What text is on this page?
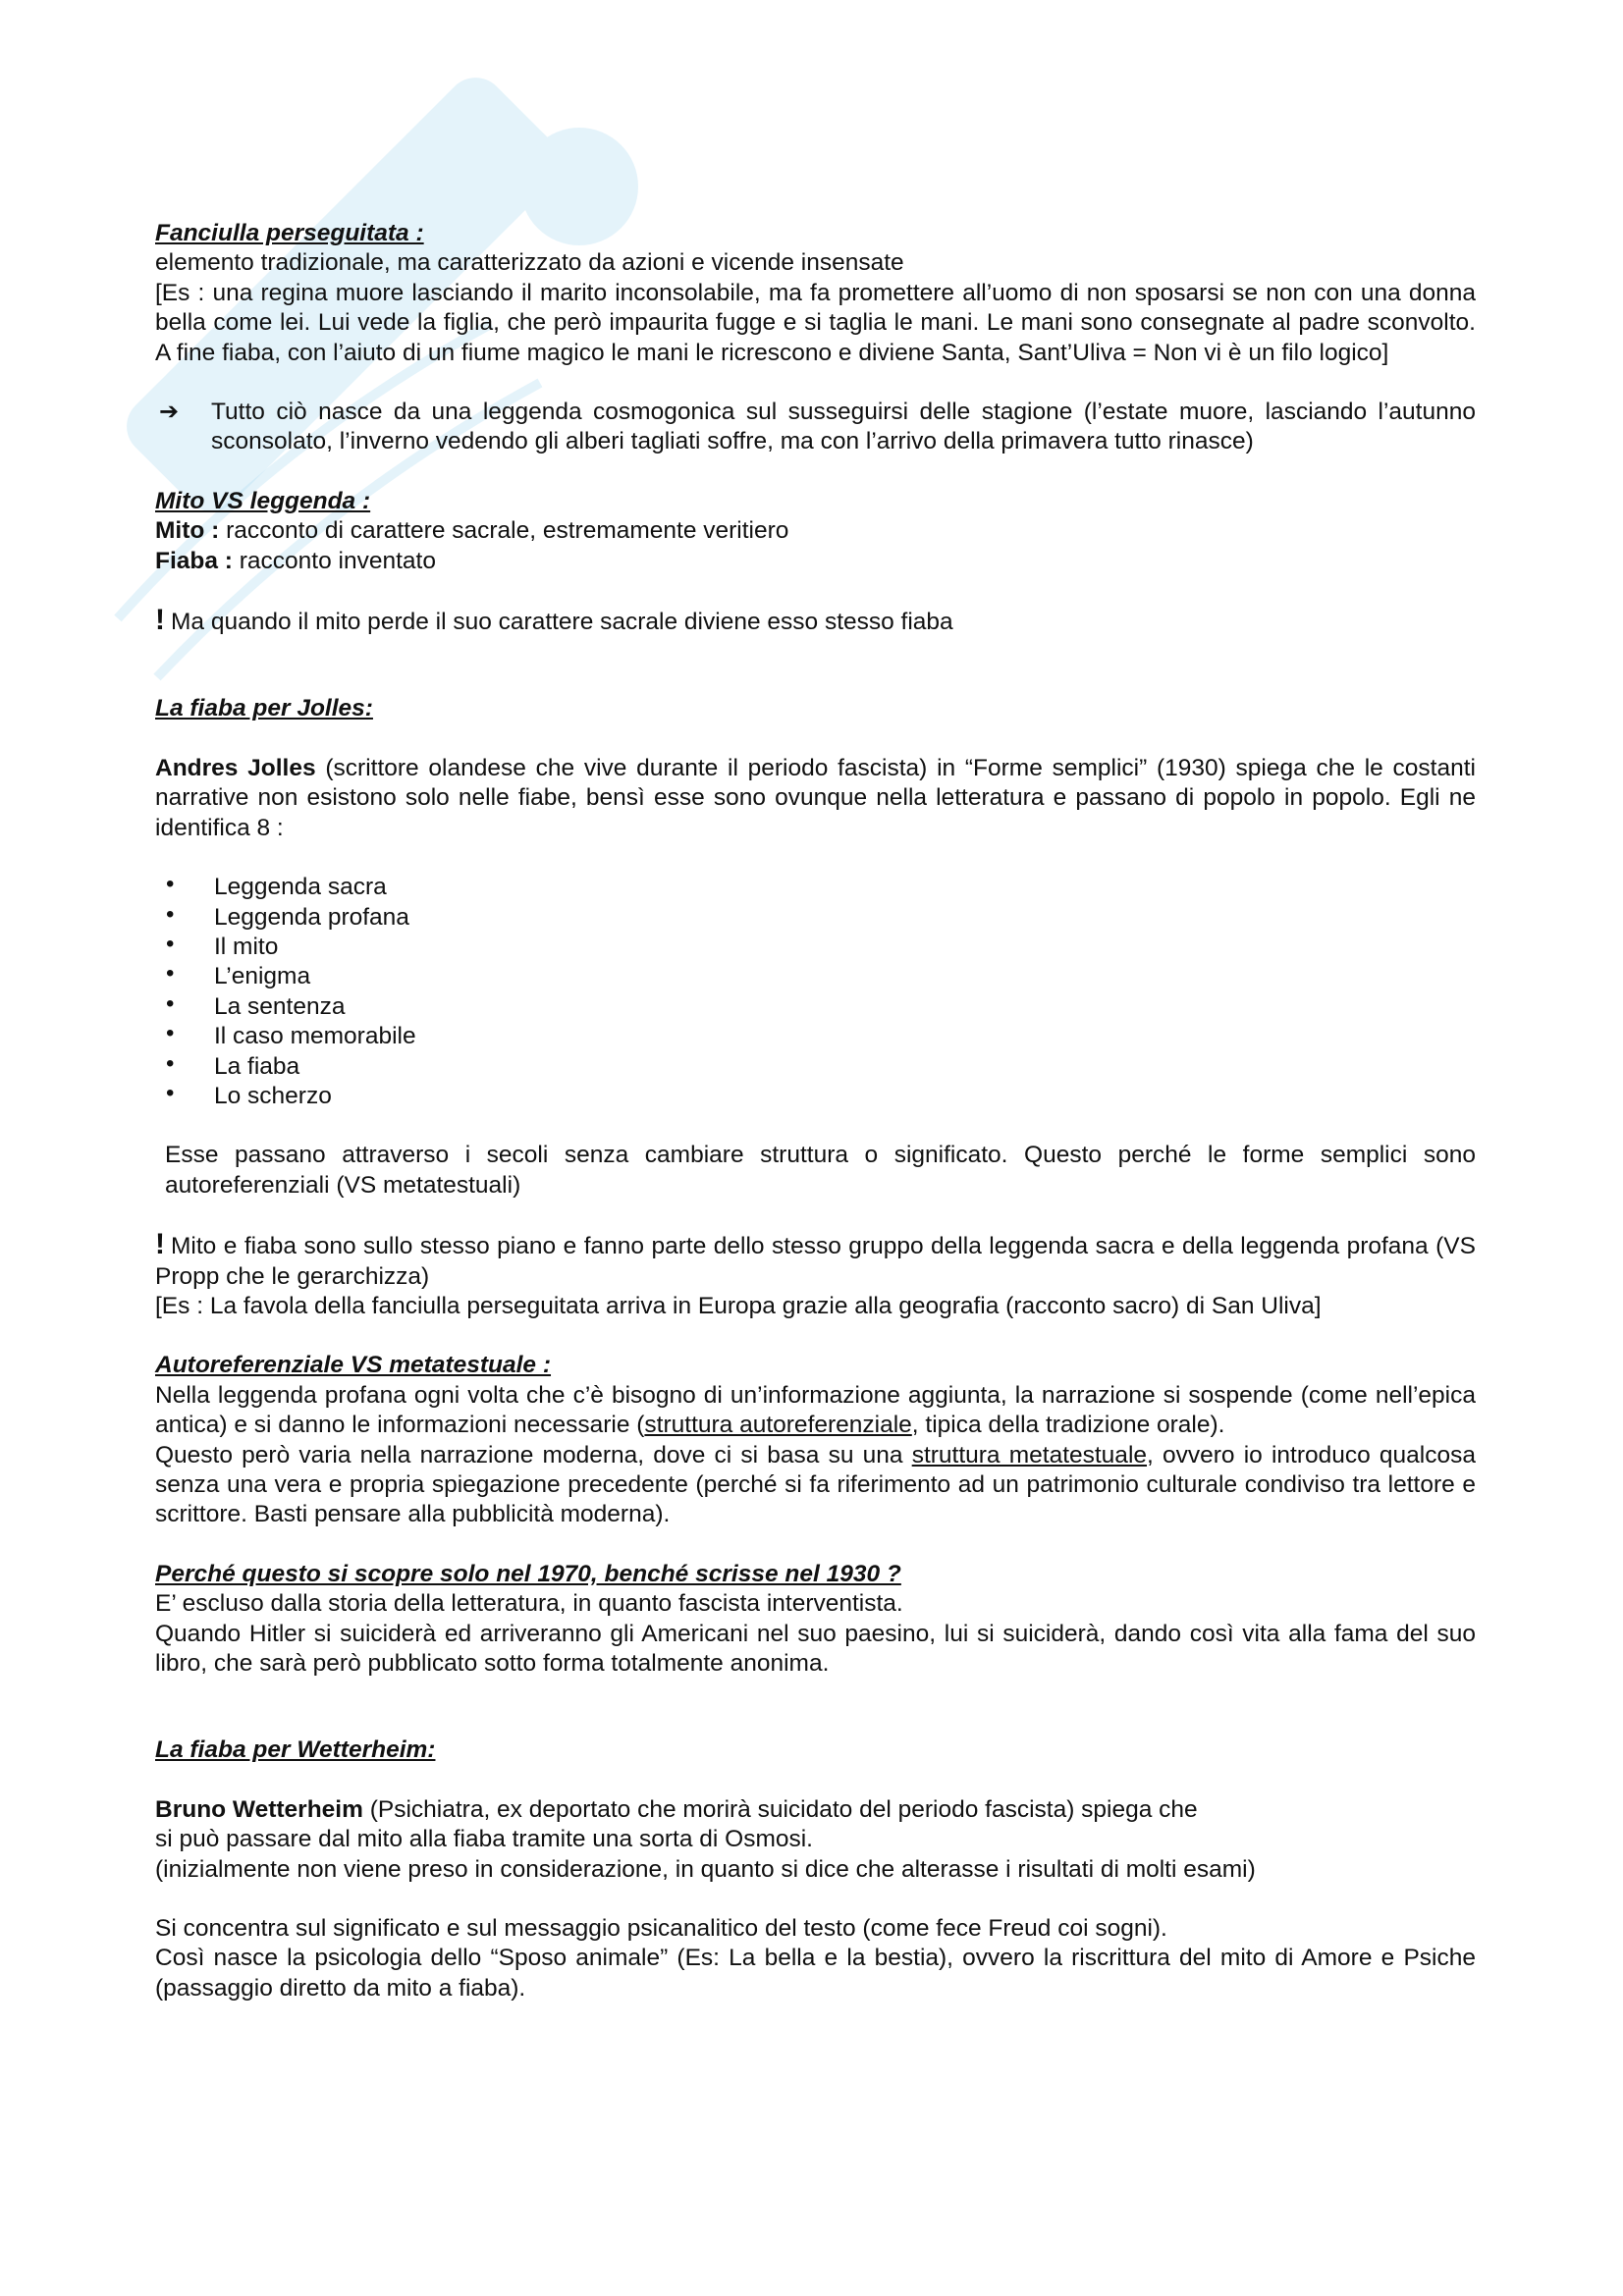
Fanciulla perseguitata :

elemento tradizionale, ma caratterizzato da azioni e vicende insensate

[Es : una regina muore lasciando il marito inconsolabile, ma fa promettere all’uomo di non sposarsi se non con una donna bella come lei. Lui vede la figlia, che però impaurita fugge e si taglia le mani. Le mani sono consegnate al padre sconvolto. A fine fiaba, con l’aiuto di un fiume magico le mani le ricrescono e diviene Santa, Sant’Uliva = Non vi è un filo logico]

➔	Tutto ciò nasce da una leggenda cosmogonica sul susseguirsi delle stagione (l’estate muore, lasciando l’autunno sconsolato, l’inverno vedendo gli alberi tagliati soffre, ma con l’arrivo della primavera tutto rinasce)

Mito VS leggenda :

Mito : racconto di carattere sacrale, estremamente veritiero

Fiaba : racconto inventato

! Ma quando il mito perde il suo carattere sacrale diviene esso stesso fiaba

La fiaba per Jolles:

Andres Jolles (scrittore olandese che vive durante il periodo fascista) in “Forme semplici” (1930) spiega che le costanti narrative non esistono solo nelle fiabe, bensì esse sono ovunque nella letteratura e passano di popolo in popolo. Egli ne identifica 8 :

• Leggenda sacra
• Leggenda profana
• Il mito
• L’enigma
• La sentenza
• Il caso memorabile
• La fiaba
• Lo scherzo

Esse passano attraverso i secoli senza cambiare struttura o significato. Questo perché le forme semplici sono autoreferenziali (VS metatestuali)

! Mito e fiaba sono sullo stesso piano e fanno parte dello stesso gruppo della leggenda sacra e della leggenda profana (VS Propp che le gerarchizza)

[Es : La favola della fanciulla perseguitata arriva in Europa grazie alla geografia (racconto sacro) di San Uliva]

Autoreferenziale VS metatestuale :

Nella leggenda profana ogni volta che c’è bisogno di un’informazione aggiunta, la narrazione si sospende (come nell’epica antica) e si danno le informazioni necessarie (struttura autoreferenziale, tipica della tradizione orale).

Questo però varia nella narrazione moderna, dove ci si basa su una struttura metatestuale, ovvero io introduco qualcosa senza una vera e propria spiegazione precedente (perché si fa riferimento ad un patrimonio culturale condiviso tra lettore e scrittore. Basti pensare alla pubblicità moderna).

Perché questo si scopre solo nel 1970, benché scrisse nel 1930 ?

E’ escluso dalla storia della letteratura, in quanto fascista interventista.

Quando Hitler si suiciderà ed arriveranno gli Americani nel suo paesino, lui si suiciderà, dando così vita alla fama del suo libro, che sarà però pubblicato sotto forma totalmente anonima.

La fiaba per Wetterheim:

Bruno Wetterheim (Psichiatra, ex deportato che morirà suicidato del periodo fascista) spiega che

si può passare dal mito alla fiaba tramite una sorta di Osmosi.

(inizialmente non viene preso in considerazione, in quanto si dice che alterasse i risultati di molti esami)

Si concentra sul significato e sul messaggio psicanalitico del testo (come fece Freud coi sogni).

Così nasce la psicologia dello “Sposo animale” (Es: La bella e la bestia), ovvero la riscrittura del mito di Amore e Psiche (passaggio diretto da mito a fiaba).
